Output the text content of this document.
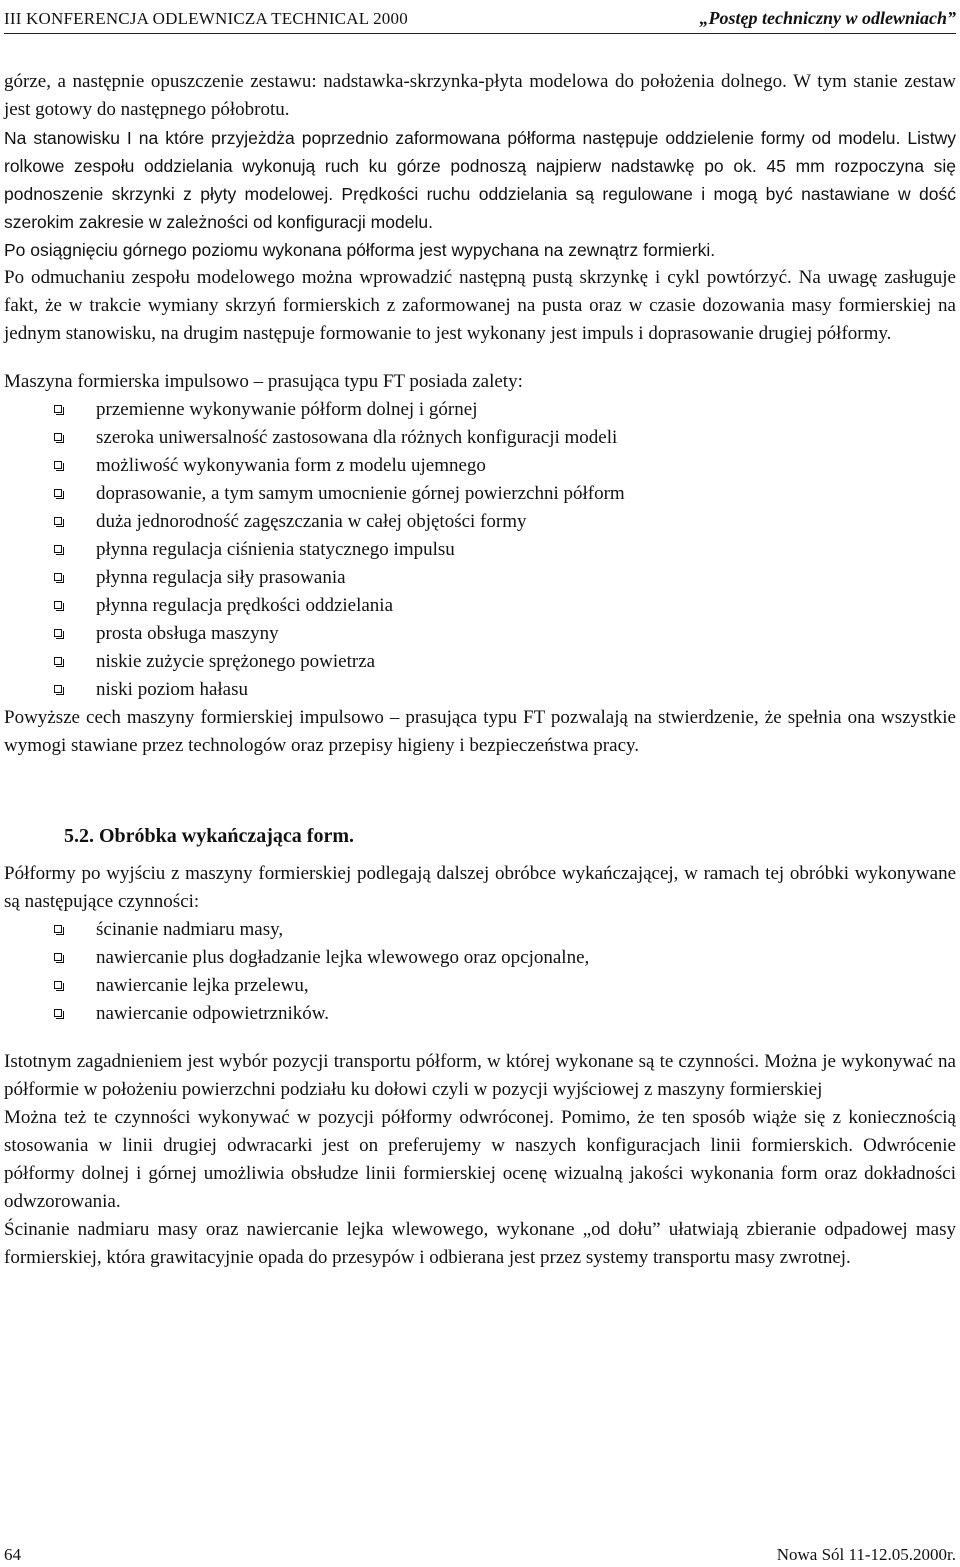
III KONFERENCJA ODLEWNICZA TECHNICAL 2000	„Postęp techniczny w odlewniach”

górze, a następnie opuszczenie zestawu: nadstawka-skrzynka-płyta modelowa do położenia dolnego. W tym stanie zestaw jest gotowy do następnego półobrotu.

Na stanowisku I na które przyjeżdża poprzednio zaformowana półforma następuje oddzielenie formy od modelu. Listwy rolkowe zespołu oddzielania wykonują ruch ku górze podnoszą najpierw nadstawkę po ok. 45 mm rozpoczyna się podnoszenie skrzynki z płyty modelowej. Prędkości ruchu oddzielania są regulowane i mogą być nastawiane w dość szerokim zakresie w zależności od konfiguracji modelu.

Po osiągnięciu górnego poziomu wykonana półforma jest wypychana na zewnątrz formierki.

Po odmuchaniu zespołu modelowego można wprowadzić następną pustą skrzynkę i cykl powtórzyć. Na uwagę zasługuje fakt, że w trakcie wymiany skrzyń formierskich z zaformowanej na pusta oraz w czasie dozowania masy formierskiej na jednym stanowisku, na drugim następuje formowanie to jest wykonany jest impuls i doprasowanie drugiej półformy.

Maszyna formierska impulsowo – prasująca typu FT posiada zalety:

przemienne wykonywanie półform dolnej i górnej
szeroka uniwersalność zastosowana dla różnych konfiguracji modeli
możliwość wykonywania form z modelu ujemnego
doprasowanie, a tym samym umocnienie górnej powierzchni półform
duża jednorodność zagęszczania w całej objętości formy
płynna regulacja ciśnienia statycznego impulsu
płynna regulacja siły prasowania
płynna regulacja prędkości oddzielania
prosta obsługa maszyny
niskie zużycie sprężonego powietrza
niski poziom hałasu

Powyższe cech maszyny formierskiej impulsowo – prasująca typu FT pozwalają na stwierdzenie, że spełnia ona wszystkie wymogi stawiane przez technologów oraz przepisy higieny i bezpieczeństwa pracy.

5.2. Obróbka wykańczająca form.

Półformy po wyjściu z maszyny formierskiej podlegają dalszej obróbce wykańczającej, w ramach tej obróbki wykonywane są następujące czynności:

ścinanie nadmiaru masy,
nawiercanie plus dogładzanie lejka wlewowego oraz opcjonalne,
nawiercanie lejka przelewu,
nawiercanie odpowietrzników.

Istotnym zagadnieniem jest wybór pozycji transportu półform, w której wykonane są te czynności. Można je wykonywać na półformie w położeniu powierzchni podziału ku dołowi czyli w pozycji wyjściowej z maszyny formierskiej

Można też te czynności wykonywać w pozycji półformy odwróconej. Pomimo, że ten sposób wiąże się z koniecznością stosowania w linii drugiej odwracarki jest on preferujemy w naszych konfiguracjach linii formierskich. Odwrócenie półformy dolnej i górnej umożliwia obsłudze linii formierskiej ocenę wizualną jakości wykonania form oraz dokładności odwzorowania.

Ścinanie nadmiaru masy oraz nawiercanie lejka wlewowego, wykonane „od dołu” ułatwiają zbieranie odpadowej masy formierskiej, która grawitacyjnie opada do przesypów i odbierana jest przez systemy transportu masy zwrotnej.

64	Nowa Sól 11-12.05.2000r.
